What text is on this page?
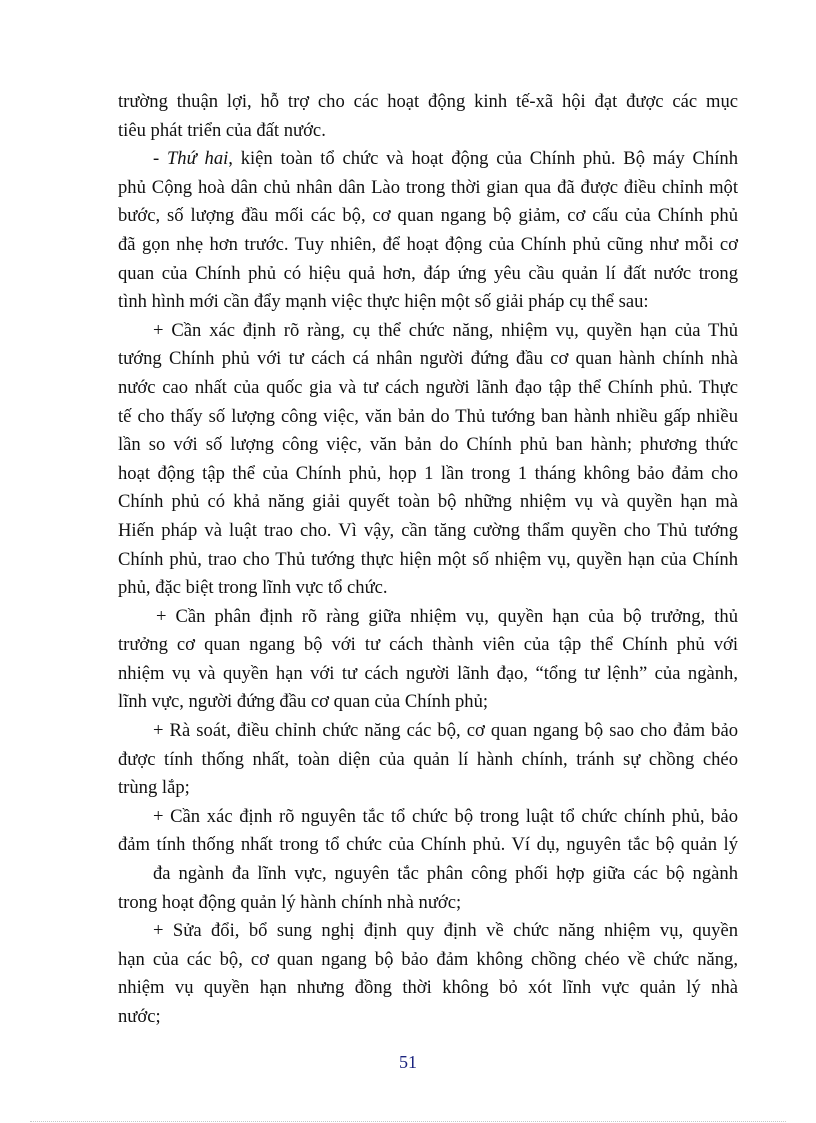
trường thuận lợi, hỗ trợ cho các hoạt động kinh tế-xã hội đạt được các mục
tiêu phát triển của đất nước.
- Thứ hai, kiện toàn tổ chức và hoạt động của Chính phủ. Bộ máy Chính
phủ Cộng hoà dân chủ nhân dân Lào trong thời gian qua đã được điều chỉnh một
bước, số lượng đầu mối các bộ, cơ quan ngang bộ giảm, cơ cấu của Chính phủ
đã gọn nhẹ hơn trước. Tuy nhiên, để hoạt động của Chính phủ cũng như mỗi cơ
quan của Chính phủ có hiệu quả hơn, đáp ứng yêu cầu quản lí đất nước trong
tình hình mới cần đẩy mạnh việc thực hiện một số giải pháp cụ thể sau:
+ Cần xác định rõ ràng, cụ thể chức năng, nhiệm vụ, quyền hạn của Thủ
tướng Chính phủ với tư cách cá nhân người đứng đầu cơ quan hành chính nhà
nước cao nhất của quốc gia và tư cách người lãnh đạo tập thể Chính phủ. Thực
tế cho thấy số lượng công việc, văn bản do Thủ tướng ban hành nhiều gấp nhiều
lần so với số lượng công việc, văn bản do Chính phủ ban hành; phương thức
hoạt động tập thể của Chính phủ, họp 1 lần trong 1 tháng không bảo đảm cho
Chính phủ có khả năng giải quyết toàn bộ những nhiệm vụ và quyền hạn mà
Hiến pháp và luật trao cho. Vì vậy, cần tăng cường thẩm quyền cho Thủ tướng
Chính phủ, trao cho Thủ tướng thực hiện một số nhiệm vụ, quyền hạn của Chính
phủ, đặc biệt trong lĩnh vực tổ chức.
+ Cần phân định rõ ràng giữa nhiệm vụ, quyền hạn của bộ trưởng, thủ
trưởng cơ quan ngang bộ với tư cách thành viên của tập thể Chính phủ với
nhiệm vụ và quyền hạn với tư cách người lãnh đạo, “tổng tư lệnh” của ngành,
lĩnh vực, người đứng đầu cơ quan của Chính phủ;
+ Rà soát, điều chỉnh chức năng các bộ, cơ quan ngang bộ sao cho đảm bảo
được tính thống nhất, toàn diện của quản lí hành chính, tránh sự chồng chéo
trùng lắp;
+ Cần xác định rõ nguyên tắc tổ chức bộ trong luật tổ chức chính phủ, bảo
đảm tính thống nhất trong tổ chức của Chính phủ. Ví dụ, nguyên tắc bộ quản lý
đa ngành đa lĩnh vực, nguyên tắc phân công phối hợp giữa các bộ ngành
trong hoạt động quản lý hành chính nhà nước;
+ Sửa đổi, bổ sung nghị định quy định về chức năng nhiệm vụ, quyền
hạn của các bộ, cơ quan ngang bộ bảo đảm không chồng chéo về chức năng,
nhiệm vụ quyền hạn nhưng đồng thời không bỏ xót lĩnh vực quản lý nhà
nước;
51
